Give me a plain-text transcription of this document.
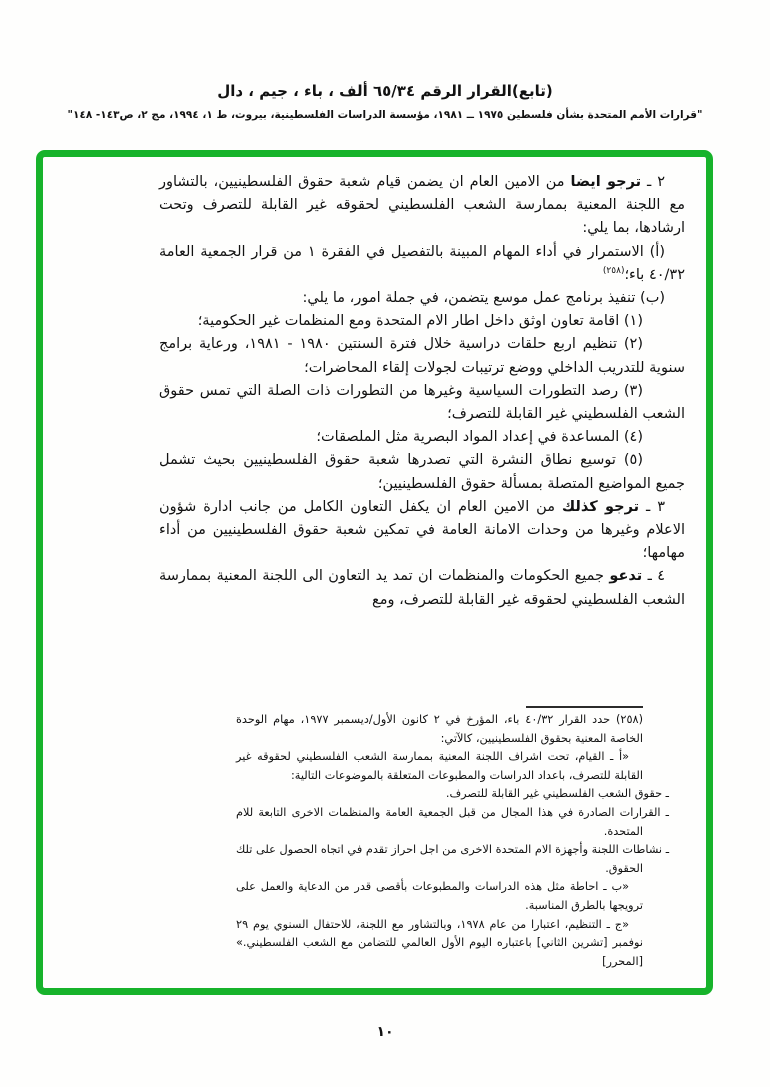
(تابع)القرار الرقم ٦٥/٣٤ ألف ، باء ، جيم ، دال
"قرارات الأمم المتحدة بشأن فلسطين ١٩٧٥ ــ ١٩٨١، مؤسسة الدراسات الفلسطينية، بيروت، ط ١، ١٩٩٤، مج ٢، ص١٤٣- ١٤٨"

٢ ـ ترجو ايضا من الامين العام ان يضمن قيام شعبة حقوق الفلسطينيين، بالتشاور مع اللجنة المعنية بممارسة الشعب الفلسطيني لحقوقه غير القابلة للتصرف وتحت ارشادها، بما يلي:

(أ) الاستمرار في أداء المهام المبينة بالتفصيل في الفقرة ١ من قرار الجمعية العامة ٤٠/٣٢ باء؛$^{(٢٥٨)}$

(ب) تنفيذ برنامج عمل موسع يتضمن، في جملة امور، ما يلي:

(١) اقامة تعاون اوثق داخل اطار الام المتحدة ومع المنظمات غير الحكومية؛

(٢) تنظيم اربع حلقات دراسية خلال فترة السنتين ١٩٨٠ - ١٩٨١، ورعاية برامج سنوية للتدريب الداخلي ووضع ترتيبات لجولات إلقاء المحاضرات؛

(٣) رصد التطورات السياسية وغيرها من التطورات ذات الصلة التي تمس حقوق الشعب الفلسطيني غير القابلة للتصرف؛

(٤) المساعدة في إعداد المواد البصرية مثل الملصقات؛

(٥) توسيع نطاق النشرة التي تصدرها شعبة حقوق الفلسطينيين بحيث تشمل جميع المواضيع المتصلة بمسألة حقوق الفلسطينيين؛

٣ ـ ترجو كذلك من الامين العام ان يكفل التعاون الكامل من جانب ادارة شؤون الاعلام وغيرها من وحدات الامانة العامة في تمكين شعبة حقوق الفلسطينيين من أداء مهامها؛

٤ ـ تدعو جميع الحكومات والمنظمات ان تمد يد التعاون الى اللجنة المعنية بممارسة الشعب الفلسطيني لحقوقه غير القابلة للتصرف، ومع

(٢٥٨) حدد القرار ٤٠/٣٢ باء، المؤرخ في ٢ كانون الأول/ديسمبر ١٩٧٧، مهام الوحدة الخاصة المعنية بحقوق الفلسطينيين، كالآتي:

«أ ـ القيام، تحت اشراف اللجنة المعنية بممارسة الشعب الفلسطيني لحقوقه غير القابلة للتصرف، باعداد الدراسات والمطبوعات المتعلقة بالموضوعات التالية:

ـ حقوق الشعب الفلسطيني غير القابلة للتصرف.

ـ القرارات الصادرة في هذا المجال من قبل الجمعية العامة والمنظمات الاخرى التابعة للام المتحدة.

ـ نشاطات اللجنة وأجهزة الام المتحدة الاخرى من اجل احراز تقدم في اتجاه الحصول على تلك الحقوق.

«ب ـ احاطة مثل هذه الدراسات والمطبوعات بأقصى قدر من الدعاية والعمل على ترويجها بالطرق المناسبة.

«ج ـ التنظيم، اعتبارا من عام ١٩٧٨، وبالتشاور مع اللجنة، للاحتفال السنوي يوم ٢٩ نوفمبر [تشرين الثاني] باعتباره اليوم الأول العالمي للتضامن مع الشعب الفلسطيني.» [المحرر]

١٠
